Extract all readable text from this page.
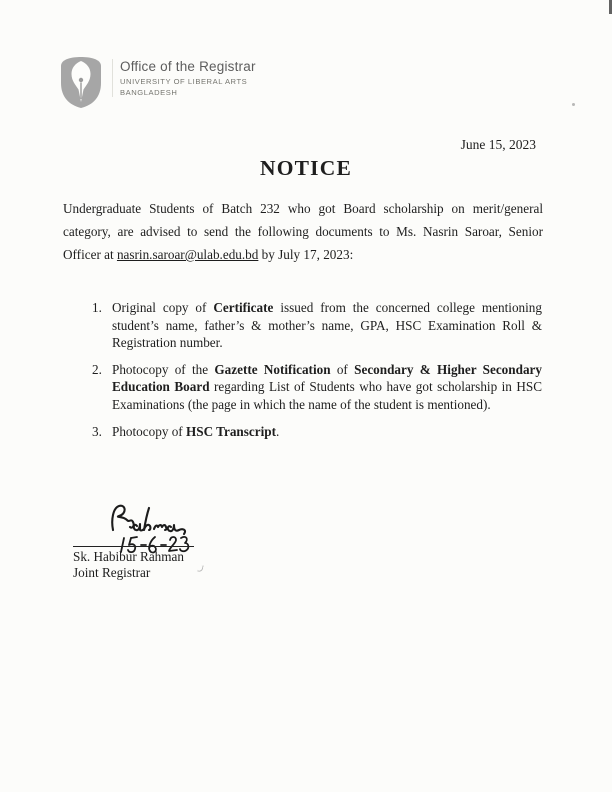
Office of the Registrar
UNIVERSITY OF LIBERAL ARTS
BANGLADESH
June 15, 2023
NOTICE

Undergraduate Students of Batch 232 who got Board scholarship on merit/general category, are advised to send the following documents to Ms. Nasrin Saroar, Senior Officer at nasrin.saroar@ulab.edu.bd by July 17, 2023:

1. Original copy of Certificate issued from the concerned college mentioning student’s name, father’s & mother’s name, GPA, HSC Examination Roll & Registration number.
2. Photocopy of the Gazette Notification of Secondary & Higher Secondary Education Board regarding List of Students who have got scholarship in HSC Examinations (the page in which the name of the student is mentioned).
3. Photocopy of HSC Transcript.
Sk. Habibur Rahman
Joint Registrar
